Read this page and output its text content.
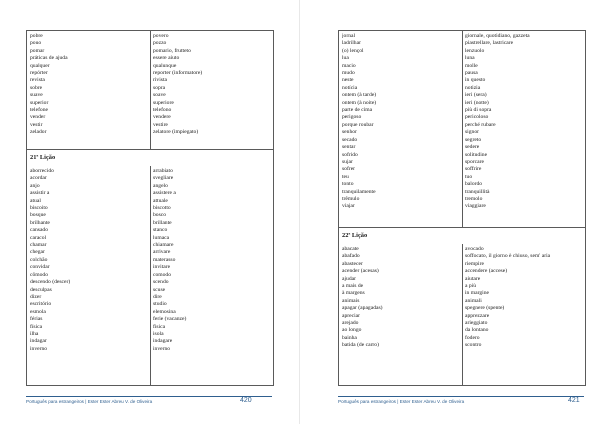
pobre
pouo
pomar
práticas de ajuda
qualquer
repórter
revista
sobre
suave
superior
telefone
vender
vestir
zelador
povero
pozzo
pomario, frutteto
essere aiuto
qualunque
reporter (informatore)
rivista
sopra
soave
superiore
telefono
vendere
vestire
zelatore (impiegato)
21ª Lição
aborrecido
acordar
anjo
assistir a
atual
biscoito
bosque
brilhante
cansado
caracol
chamar
chegar
colchão
convidar
cômodo
descendo (descer)
desculpas
dizer
escritório
esmola
férias
física
ilha
indagar
inverno
arrabiato
svegliare
angelo
assistere a
attuale
biscotto
bosco
brillante
stanco
lumaca
chiamare
arrivare
materasso
invitare
comodo
scendo
scuse
dire
studio
elemosina
ferie (vacanze)
fisica
isola
indagare
inverno
Português para estrangeiros | Ester Ester Abreu V. de Oliveira	420
jornal
ladrilhar
(o) lençol
lua
macio
mudo
neste
notícia
ontem (à tarde)
ontem (à noite)
parte de cima
perigoso
porque roubar
senhor
secado
sentar
sofrido
sujar
sofrer
teu
tonto
tranquilamente
trêmulo
viajar
giornale, quotidiano, gazzeta
piastrellare, lastricare
lenzuolo
luna
molle
pausa
in questo
notizia
ieri (sera)
ieri (notte)
più di sopra
pericoloso
perché rubare
signor
segreto
sedere
solitudine
sporcare
soffrire
tuo
balordo
tranquillità
tremolo
viaggiare
22ª Lição
abacate
abafado
abastecer
acender (acesas)
ajudar
a mais de
à margens
animais
apagar (apagadas)
apreciar
arejado
ao longo
bainha
batida (de carro)
avocado
soffocato, il giorno è chiuso, sem' aria
riempire
accendere (accese)
aiutare
a più
in margine
animali
spegnere (spente)
apprezzare
arieggiato
da lontano
fodero
scontro
Português para estrangeiros | Ester Ester Abreu V. de Oliveira	421
